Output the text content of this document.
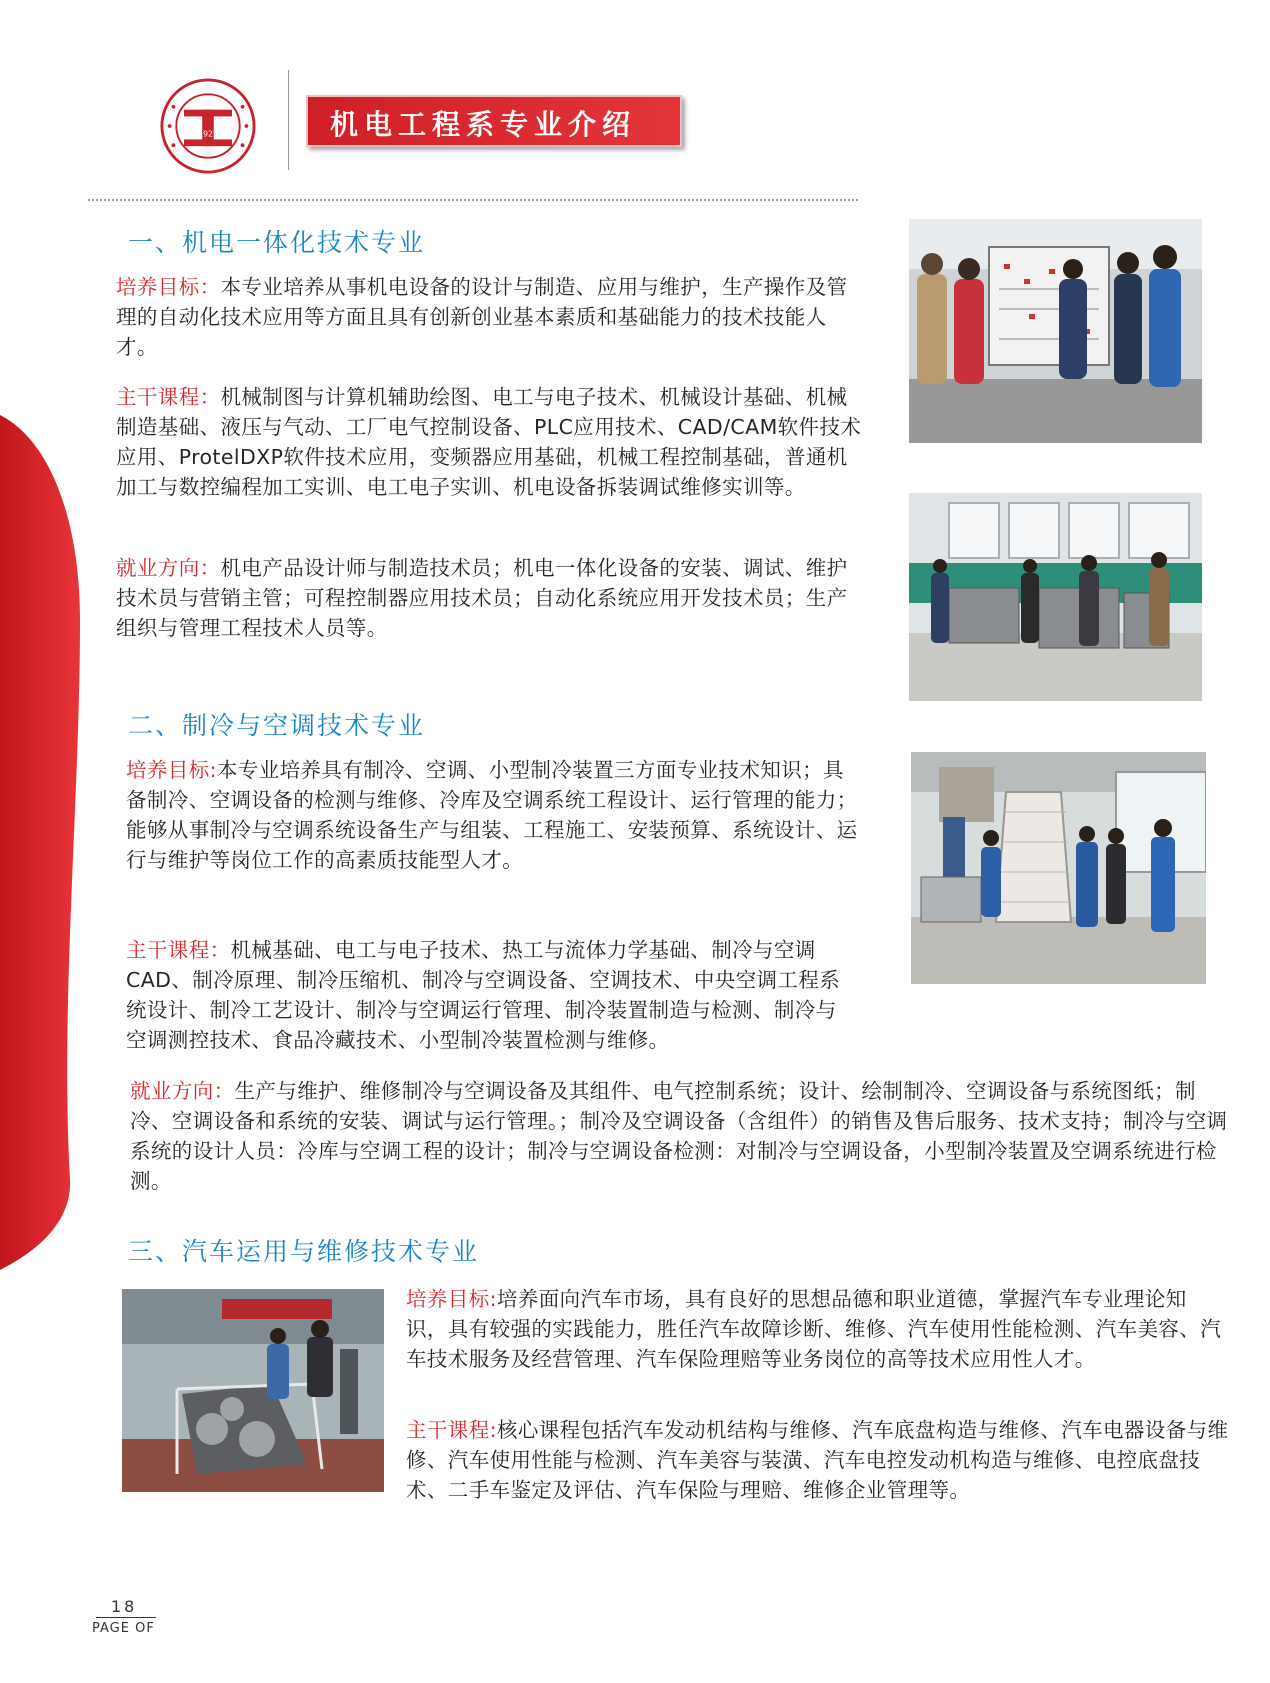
1922	机电工程系专业介绍
一、机电一体化技术专业
培养目标：本专业培养从事机电设备的设计与制造、应用与维护，生产操作及管理的自动化技术应用等方面且具有创新创业基本素质和基础能力的技术技能人才。
主干课程：机械制图与计算机辅助绘图、电工与电子技术、机械设计基础、机械制造基础、液压与气动、工厂电气控制设备、PLC应用技术、CAD/CAM软件技术应用、ProtelDXP软件技术应用，变频器应用基础，机械工程控制基础，普通机加工与数控编程加工实训、电工电子实训、机电设备拆装调试维修实训等。
就业方向：机电产品设计师与制造技术员；机电一体化设备的安装、调试、维护技术员与营销主管；可程控制器应用技术员；自动化系统应用开发技术员；生产组织与管理工程技术人员等。
二、制冷与空调技术专业
培养目标:本专业培养具有制冷、空调、小型制冷装置三方面专业技术知识；具备制冷、空调设备的检测与维修、冷库及空调系统工程设计、运行管理的能力；能够从事制冷与空调系统设备生产与组装、工程施工、安装预算、系统设计、运行与维护等岗位工作的高素质技能型人才。
主干课程：机械基础、电工与电子技术、热工与流体力学基础、制冷与空调CAD、制冷原理、制冷压缩机、制冷与空调设备、空调技术、中央空调工程系统设计、制冷工艺设计、制冷与空调运行管理、制冷装置制造与检测、制冷与空调测控技术、食品冷藏技术、小型制冷装置检测与维修。
就业方向：生产与维护、维修制冷与空调设备及其组件、电气控制系统；设计、绘制制冷、空调设备与系统图纸；制冷、空调设备和系统的安装、调试与运行管理。；制冷及空调设备（含组件）的销售及售后服务、技术支持；制冷与空调系统的设计人员：冷库与空调工程的设计；制冷与空调设备检测：对制冷与空调设备，小型制冷装置及空调系统进行检测。
三、汽车运用与维修技术专业
培养目标:培养面向汽车市场，具有良好的思想品德和职业道德，掌握汽车专业理论知识，具有较强的实践能力，胜任汽车故障诊断、维修、汽车使用性能检测、汽车美容、汽车技术服务及经营管理、汽车保险理赔等业务岗位的高等技术应用性人才。
主干课程:核心课程包括汽车发动机结构与维修、汽车底盘构造与维修、汽车电器设备与维修、汽车使用性能与检测、汽车美容与装潢、汽车电控发动机构造与维修、电控底盘技术、二手车鉴定及评估、汽车保险与理赔、维修企业管理等。
18
PAGE OF
